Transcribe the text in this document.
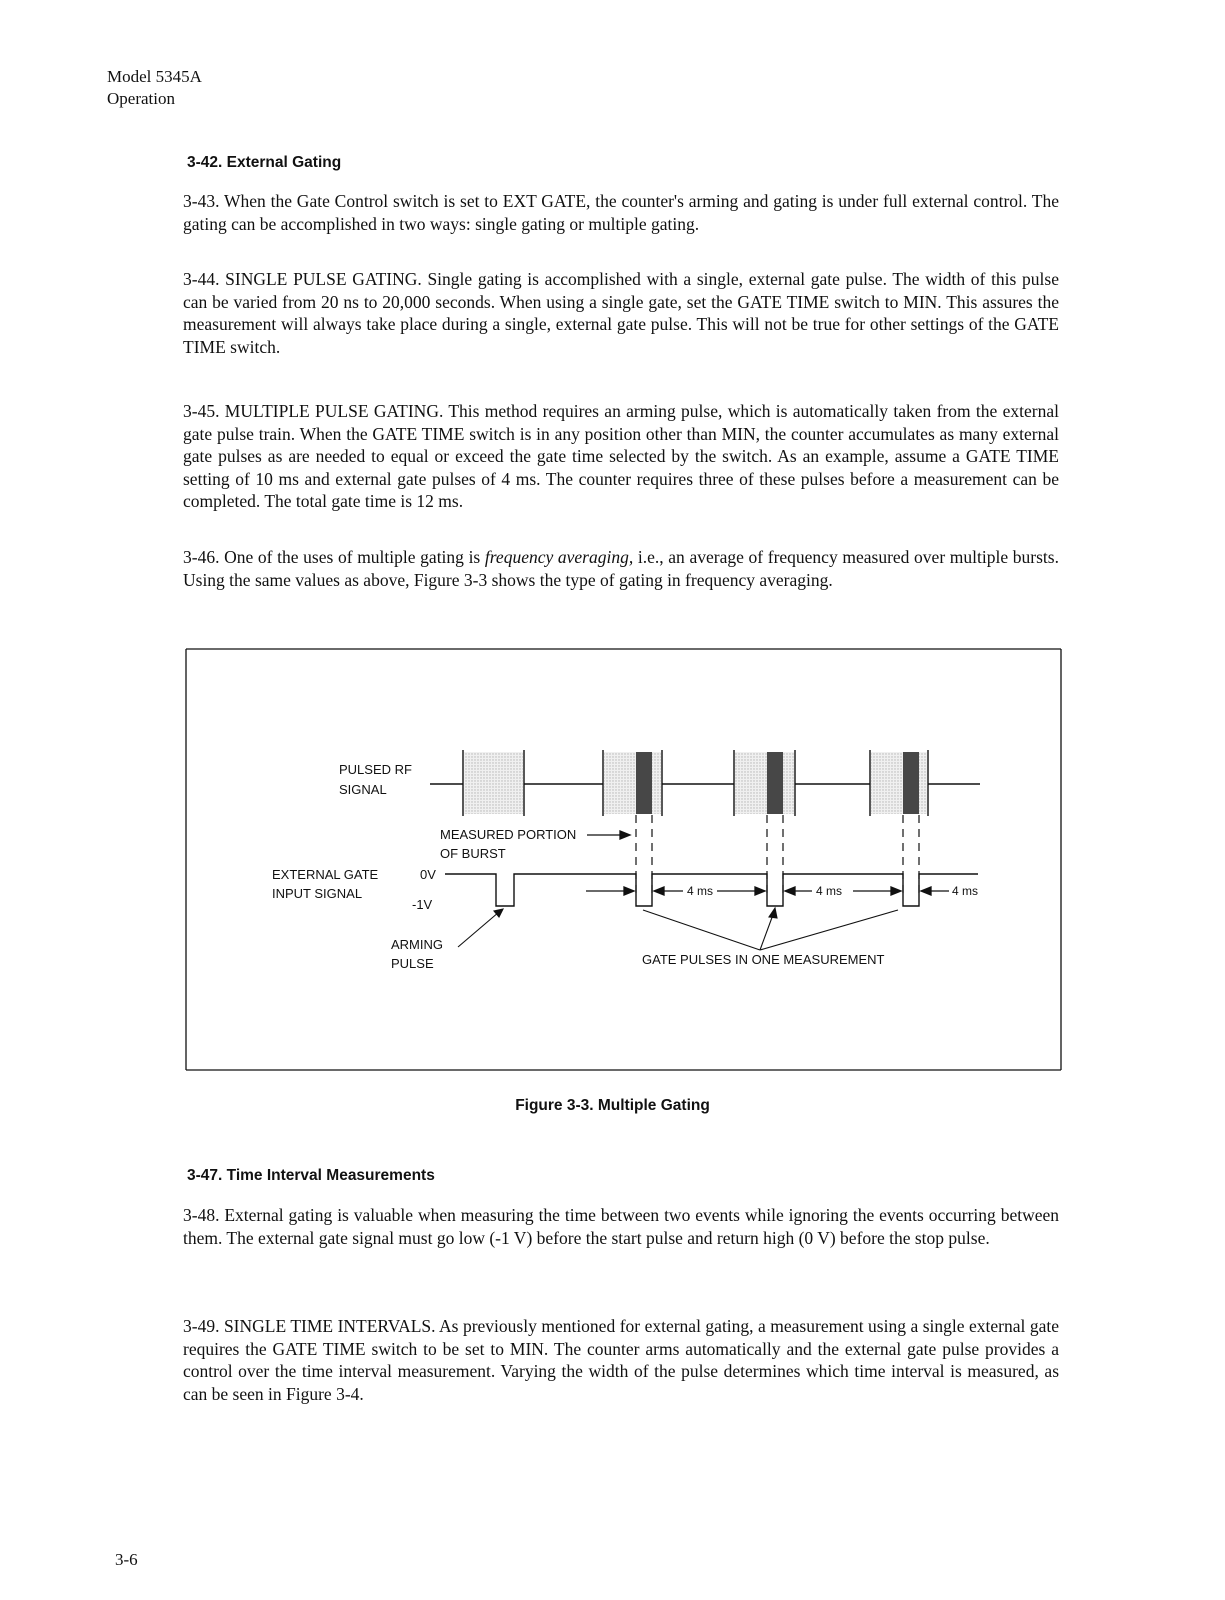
Model 5345A
Operation
3-42. External Gating

3-43. When the Gate Control switch is set to EXT GATE, the counter's arming and gating is under full external control. The gating can be accomplished in two ways: single gating or multiple gating.

3-44. SINGLE PULSE GATING. Single gating is accomplished with a single, external gate pulse. The width of this pulse can be varied from 20 ns to 20,000 seconds. When using a single gate, set the GATE TIME switch to MIN. This assures the measurement will always take place during a single, external gate pulse. This will not be true for other settings of the GATE TIME switch.

3-45. MULTIPLE PULSE GATING. This method requires an arming pulse, which is automatically taken from the external gate pulse train. When the GATE TIME switch is in any position other than MIN, the counter accumulates as many external gate pulses as are needed to equal or exceed the gate time selected by the switch. As an example, assume a GATE TIME setting of 10 ms and external gate pulses of 4 ms. The counter requires three of these pulses before a measurement can be completed. The total gate time is 12 ms.

3-46. One of the uses of multiple gating is frequency averaging, i.e., an average of frequency measured over multiple bursts. Using the same values as above, Figure 3-3 shows the type of gating in frequency averaging.

PULSED RF
SIGNAL
MEASURED PORTION
OF BURST
EXTERNAL GATE
INPUT SIGNAL
0V
-1V
ARMING
PULSE	GATE PULSES IN ONE MEASUREMENT
4 ms	4 ms	4 ms
Figure 3-3. Multiple Gating
3-47. Time Interval Measurements

3-48. External gating is valuable when measuring the time between two events while ignoring the events occurring between them. The external gate signal must go low (-1 V) before the start pulse and return high (0 V) before the stop pulse.

3-49. SINGLE TIME INTERVALS. As previously mentioned for external gating, a measurement using a single external gate requires the GATE TIME switch to be set to MIN. The counter arms automatically and the external gate pulse provides a control over the time interval measurement. Varying the width of the pulse determines which time interval is measured, as can be seen in Figure 3-4.

3-6
